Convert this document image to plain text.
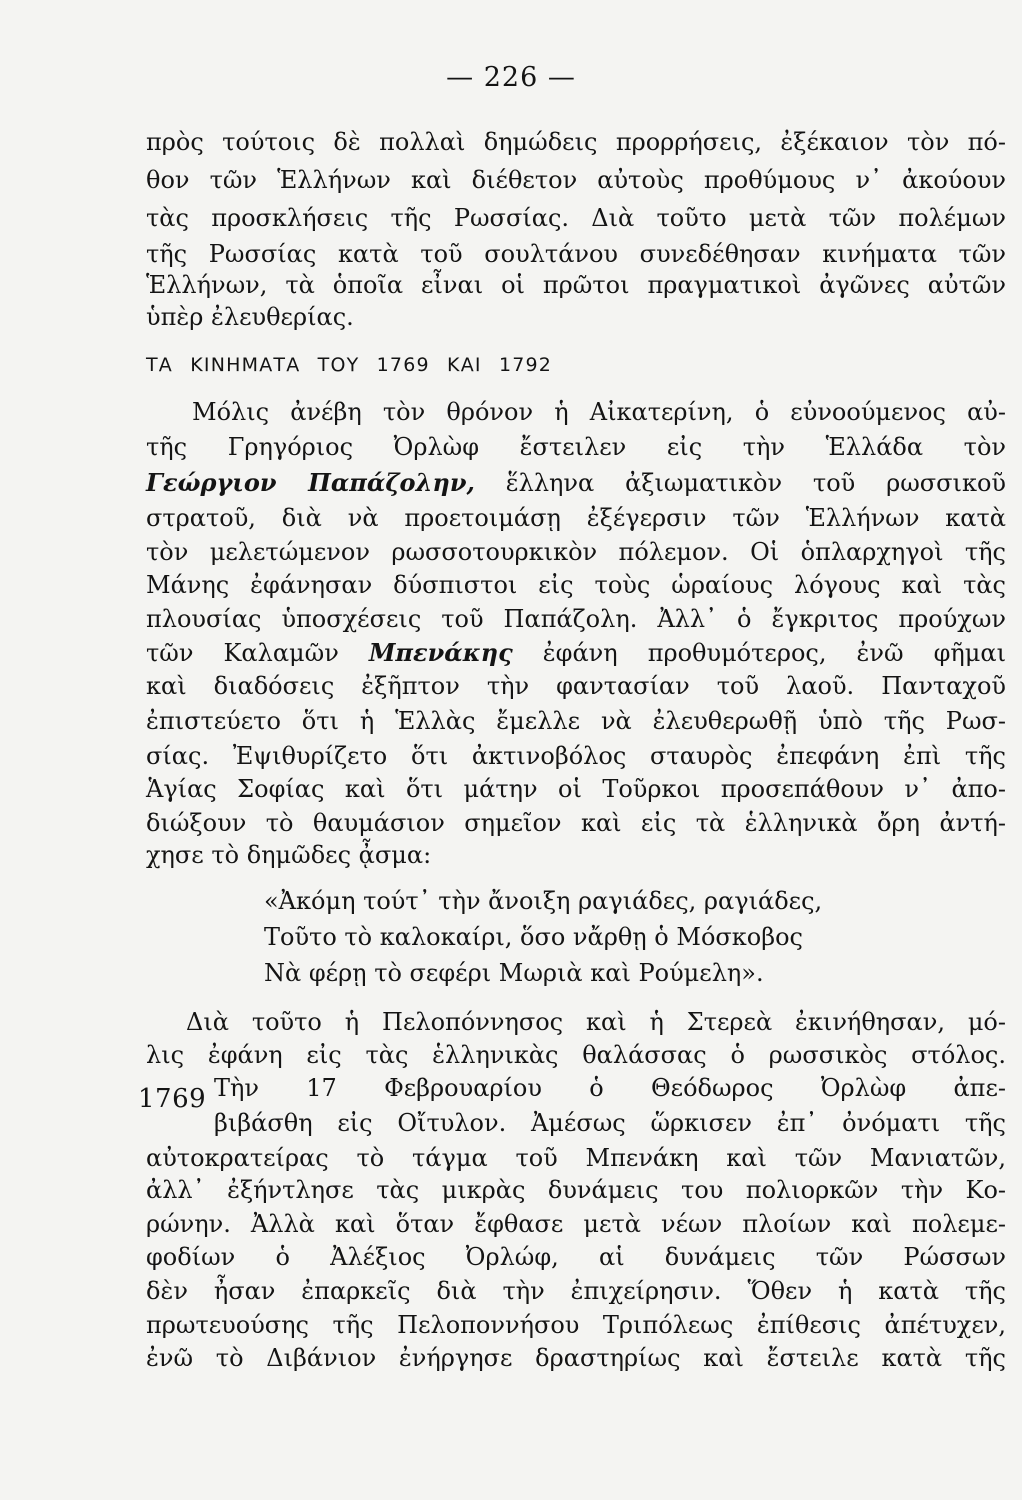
— 226 —
πρὸς τούτοις δὲ πολλαὶ δημώδεις προρρήσεις, ἐξέκαιον τὸν πό-
θον τῶν Ἑλλήνων καὶ διέθετον αὐτοὺς προθύμους ν᾿ ἀκούουν
τὰς προσκλήσεις τῆς Ρωσσίας. Διὰ τοῦτο μετὰ τῶν πολέμων
τῆς Ρωσσίας κατὰ τοῦ σουλτάνου συνεδέθησαν κινήματα τῶν
Ἑλλήνων, τὰ ὁποῖα εἶναι οἱ πρῶτοι πραγματικοὶ ἀγῶνες αὐτῶν
ὑπὲρ ἐλευθερίας.
ΤΑ ΚΙΝΗΜΑΤΑ ΤΟΥ 1769 ΚΑΙ 1792
Μόλις ἀνέβη τὸν θρόνον ἡ Αἰκατερίνη, ὁ εὐνοούμενος αὐ-
τῆς Γρηγόριος Ὀρλὼφ ἔστειλεν εἰς τὴν Ἑλλάδα τὸν
Γεώργιον Παπάζολην, ἕλληνα ἀξιωματικὸν τοῦ ρωσσικοῦ
στρατοῦ, διὰ νὰ προετοιμάσῃ ἐξέγερσιν τῶν Ἑλλήνων κατὰ
τὸν μελετώμενον ρωσσοτουρκικὸν πόλεμον. Οἱ ὁπλαρχηγοὶ τῆς
Μάνης ἐφάνησαν δύσπιστοι εἰς τοὺς ὡραίους λόγους καὶ τὰς
πλουσίας ὑποσχέσεις τοῦ Παπάζολη. Ἀλλ᾿ ὁ ἔγκριτος προύχων
τῶν Καλαμῶν Μπενάκης ἐφάνη προθυμότερος, ἐνῶ φῆμαι
καὶ διαδόσεις ἐξῆπτον τὴν φαντασίαν τοῦ λαοῦ. Πανταχοῦ
ἐπιστεύετο ὅτι ἡ Ἑλλὰς ἔμελλε νὰ ἐλευθερωθῇ ὑπὸ τῆς Ρωσ-
σίας. Ἐψιθυρίζετο ὅτι ἀκτινοβόλος σταυρὸς ἐπεφάνη ἐπὶ τῆς
Ἁγίας Σοφίας καὶ ὅτι μάτην οἱ Τοῦρκοι προσεπάθουν ν᾿ ἀπο-
διώξουν τὸ θαυμάσιον σημεῖον καὶ εἰς τὰ ἑλληνικὰ ὄρη ἀντή-
χησε τὸ δημῶδες ᾆσμα:
«Ἀκόμη τούτ᾿ τὴν ἄνοιξη ραγιάδες, ραγιάδες,
Τοῦτο τὸ καλοκαίρι, ὅσο νἄρθῃ ὁ Μόσκοβος
Νὰ φέρῃ τὸ σεφέρι Μωριὰ καὶ Ρούμελη».
Διὰ τοῦτο ἡ Πελοπόννησος καὶ ἡ Στερεὰ ἐκινήθησαν, μό-
λις ἐφάνη εἰς τὰς ἑλληνικὰς θαλάσσας ὁ ρωσσικὸς στόλος.
1769 Τὴν 17 Φεβρουαρίου ὁ Θεόδωρος Ὀρλὼφ ἀπε-
βιβάσθη εἰς Οἴτυλον. Ἀμέσως ὥρκισεν ἐπ᾿ ὀνόματι τῆς
αὐτοκρατείρας τὸ τάγμα τοῦ Μπενάκη καὶ τῶν Μανιατῶν,
ἀλλ᾿ ἐξήντλησε τὰς μικρὰς δυνάμεις του πολιορκῶν τὴν Κο-
ρώνην. Ἀλλὰ καὶ ὅταν ἔφθασε μετὰ νέων πλοίων καὶ πολεμε-
φοδίων ὁ Ἀλέξιος Ὀρλώφ, αἱ δυνάμεις τῶν Ρώσσων
δὲν ἦσαν ἐπαρκεῖς διὰ τὴν ἐπιχείρησιν. Ὅθεν ἡ κατὰ τῆς
πρωτευούσης τῆς Πελοποννήσου Τριπόλεως ἐπίθεσις ἀπέτυχεν,
ἐνῶ τὸ Διβάνιον ἐνήργησε δραστηρίως καὶ ἔστειλε κατὰ τῆς
